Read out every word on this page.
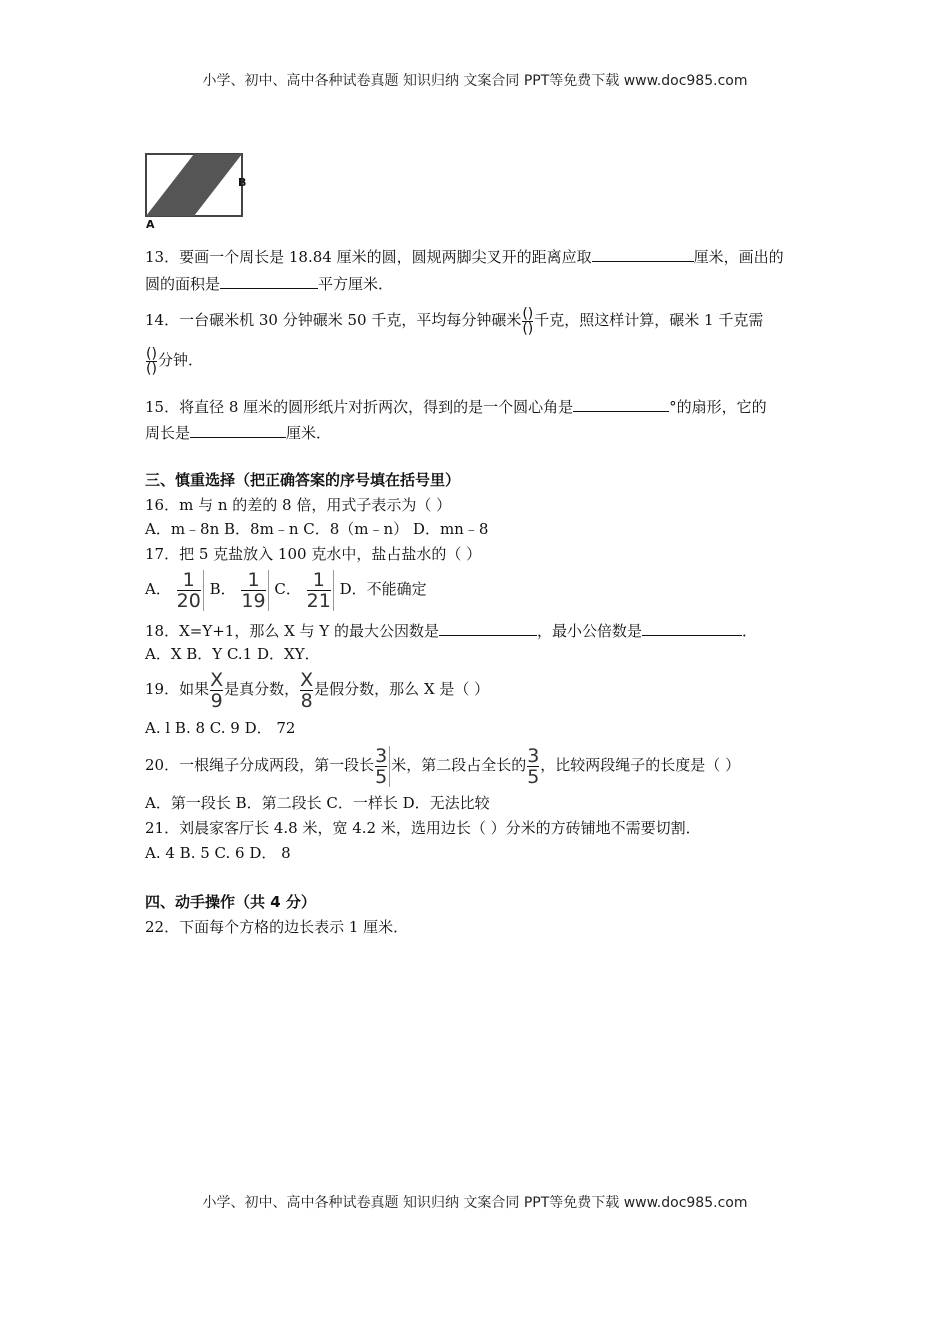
小学、初中、高中各种试卷真题 知识归纳 文案合同 PPT等免费下载 www.doc985.com
B
A
13．要画一个周长是 18.84 厘米的圆，圆规两脚尖叉开的距离应取	厘米，画出的
圆的面积是	平方厘米．
14．一台碾米机 30 分钟碾米 50 千克，平均每分钟碾米 $\frac{()}{()}$ 千克，照这样计算，碾米 1 千克需
$\frac{()}{()}$ 分钟．
15．将直径 8 厘米的圆形纸片对折两次，得到的是一个圆心角是	°的扇形，它的
周长是	厘米．
三、慎重选择（把正确答案的序号填在括号里）
16．m 与 n 的差的 8 倍，用式子表示为（ ）
A．m﹣8n B．8m﹣n C．8（m﹣n） D．mn﹣8
17．把 5 克盐放入 100 克水中，盐占盐水的（ ）
A． $\frac{1}{20}$ B． $\frac{1}{19}$ C． $\frac{1}{21}$ D．不能确定
18．X=Y+1，那么 X 与 Y 的最大公因数是	，最小公倍数是	．
A．X B．Y C.1 D．XY．
19．如果 $\frac{X}{9}$ 是真分数， $\frac{X}{8}$ 是假分数，那么 X 是（ ）
A. l B. 8 C. 9 D． 72
20．一根绳子分成两段，第一段长 $\frac{3}{5}$ 米，第二段占全长的 $\frac{3}{5}$ ，比较两段绳子的长度是（ ）
A．第一段长 B．第二段长 C．一样长 D．无法比较
21．刘晨家客厅长 4.8 米，宽 4.2 米，选用边长（ ）分米的方砖铺地不需要切割．
A. 4 B. 5 C. 6 D． 8
四、动手操作（共 4 分）
22．下面每个方格的边长表示 1 厘米．
小学、初中、高中各种试卷真题 知识归纳 文案合同 PPT等免费下载 www.doc985.com
